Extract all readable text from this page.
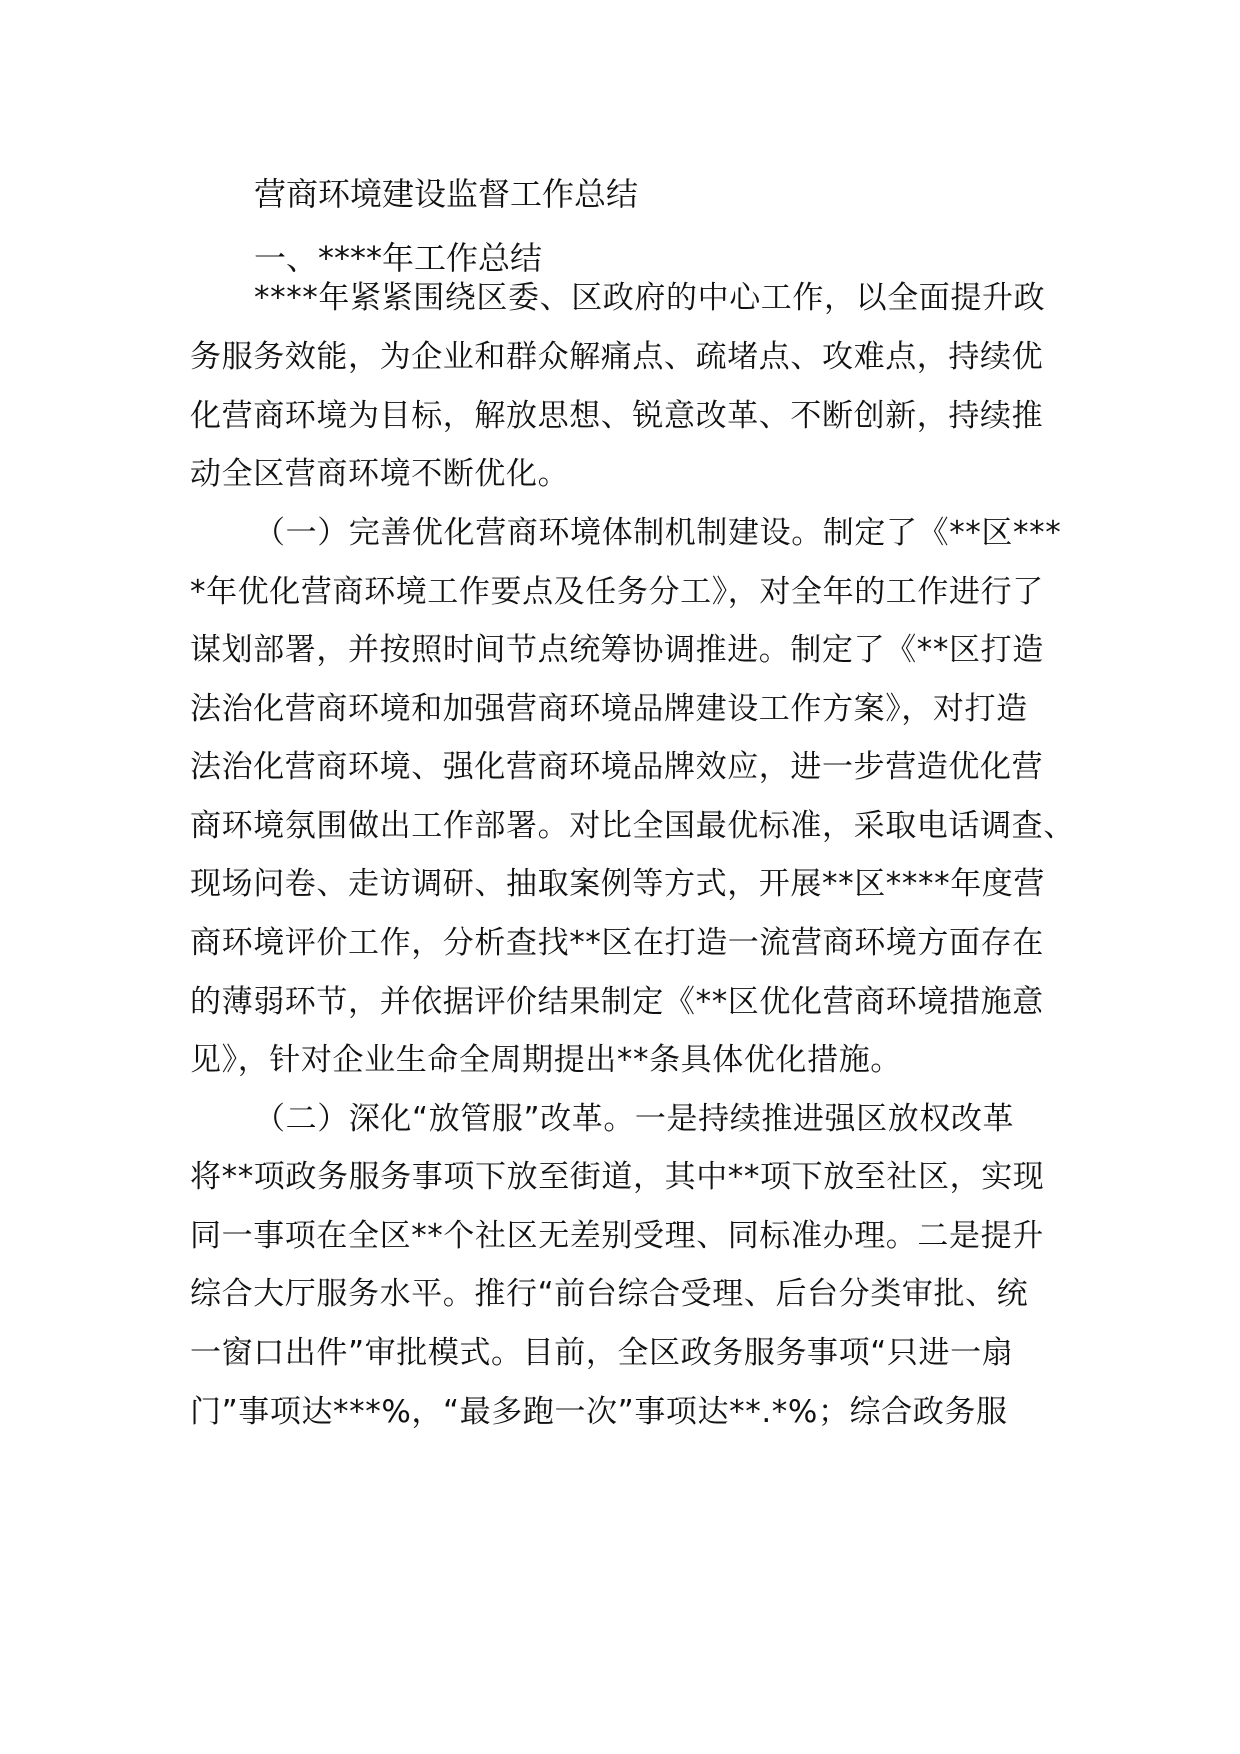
营商环境建设监督工作总结
一、****年工作总结
****年紧紧围绕区委、区政府的中心工作，以全面提升政
务服务效能，为企业和群众解痛点、疏堵点、攻难点，持续优
化营商环境为目标，解放思想、锐意改革、不断创新，持续推
动全区营商环境不断优化。
（一）完善优化营商环境体制机制建设。制定了《**区***
*年优化营商环境工作要点及任务分工》，对全年的工作进行了
谋划部署，并按照时间节点统筹协调推进。制定了《**区打造
法治化营商环境和加强营商环境品牌建设工作方案》，对打造
法治化营商环境、强化营商环境品牌效应，进一步营造优化营
商环境氛围做出工作部署。对比全国最优标准，采取电话调查、
现场问卷、走访调研、抽取案例等方式，开展**区****年度营
商环境评价工作，分析查找**区在打造一流营商环境方面存在
的薄弱环节，并依据评价结果制定《**区优化营商环境措施意
见》，针对企业生命全周期提出**条具体优化措施。
（二）深化“放管服”改革。一是持续推进强区放权改革
将**项政务服务事项下放至街道，其中**项下放至社区，实现
同一事项在全区**个社区无差别受理、同标准办理。二是提升
综合大厅服务水平。推行“前台综合受理、后台分类审批、统
一窗口出件”审批模式。目前，全区政务服务事项“只进一扇
门”事项达***%，“最多跑一次”事项达**.*%；综合政务服
